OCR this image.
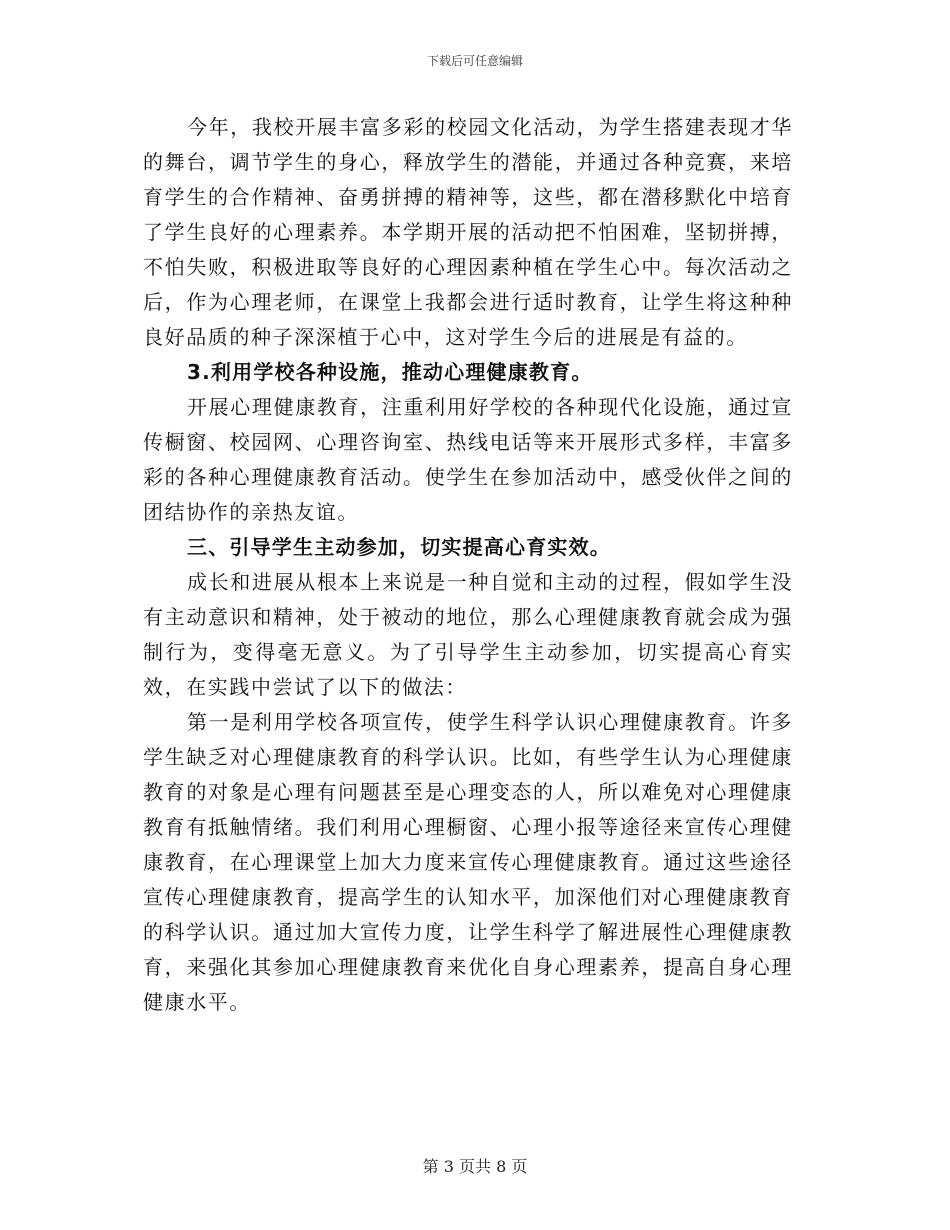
下载后可任意编辑

今年，我校开展丰富多彩的校园文化活动，为学生搭建表现才华的舞台，调节学生的身心，释放学生的潜能，并通过各种竞赛，来培育学生的合作精神、奋勇拼搏的精神等，这些，都在潜移默化中培育了学生良好的心理素养。本学期开展的活动把不怕困难，坚韧拼搏，不怕失败，积极进取等良好的心理因素种植在学生心中。每次活动之后，作为心理老师，在课堂上我都会进行适时教育，让学生将这种种良好品质的种子深深植于心中，这对学生今后的进展是有益的。

3.利用学校各种设施，推动心理健康教育。

开展心理健康教育，注重利用好学校的各种现代化设施，通过宣传橱窗、校园网、心理咨询室、热线电话等来开展形式多样，丰富多彩的各种心理健康教育活动。使学生在参加活动中，感受伙伴之间的团结协作的亲热友谊。

三、引导学生主动参加，切实提高心育实效。

成长和进展从根本上来说是一种自觉和主动的过程，假如学生没有主动意识和精神，处于被动的地位，那么心理健康教育就会成为强制行为，变得毫无意义。为了引导学生主动参加，切实提高心育实效，在实践中尝试了以下的做法：

第一是利用学校各项宣传，使学生科学认识心理健康教育。许多学生缺乏对心理健康教育的科学认识。比如，有些学生认为心理健康教育的对象是心理有问题甚至是心理变态的人，所以难免对心理健康教育有抵触情绪。我们利用心理橱窗、心理小报等途径来宣传心理健康教育，在心理课堂上加大力度来宣传心理健康教育。通过这些途径宣传心理健康教育，提高学生的认知水平，加深他们对心理健康教育的科学认识。通过加大宣传力度，让学生科学了解进展性心理健康教育，来强化其参加心理健康教育来优化自身心理素养，提高自身心理健康水平。

第 3 页共 8 页
